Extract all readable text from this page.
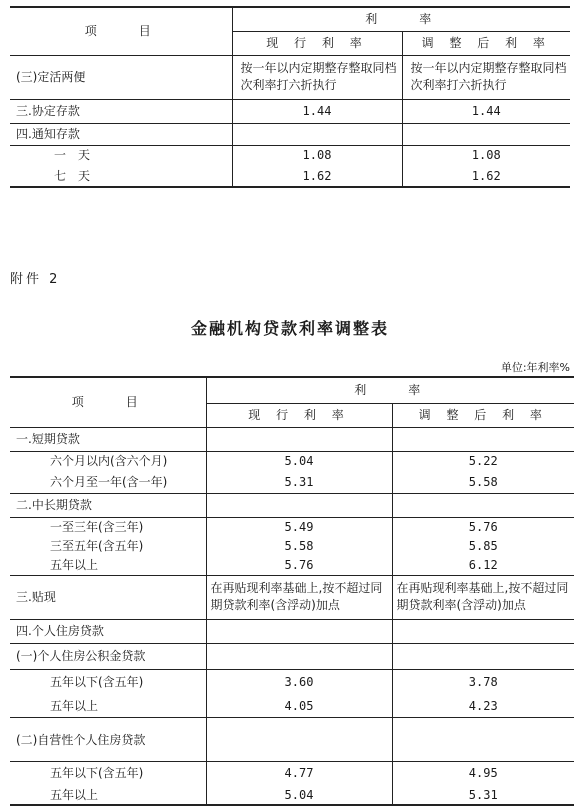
项　　目	利　　率	
	现 行 利 率	调 整 后 利 率
(三)定活两便	按一年以内定期整存整取同档次利率打六折执行	按一年以内定期整存整取同档次利率打六折执行
三.协定存款	1.44	1.44
四.通知存款		
一　天	1.08	1.08
七　天	1.62	1.62
附件 2
金融机构贷款利率调整表
单位:年利率%
项　　目	利　　率	
	现 行 利 率	调 整 后 利 率
一.短期贷款		
六个月以内(含六个月)	5.04	5.22
六个月至一年(含一年)	5.31	5.58
二.中长期贷款		
一至三年(含三年)	5.49	5.76
三至五年(含五年)	5.58	5.85
五年以上	5.76	6.12
三.贴现	在再贴现利率基础上,按不超过同期贷款利率(含浮动)加点	在再贴现利率基础上,按不超过同期贷款利率(含浮动)加点
四.个人住房贷款		
(一)个人住房公积金贷款		
五年以下(含五年)	3.60	3.78
五年以上	4.05	4.23
(二)自营性个人住房贷款		
五年以下(含五年)	4.77	4.95
五年以上	5.04	5.31
